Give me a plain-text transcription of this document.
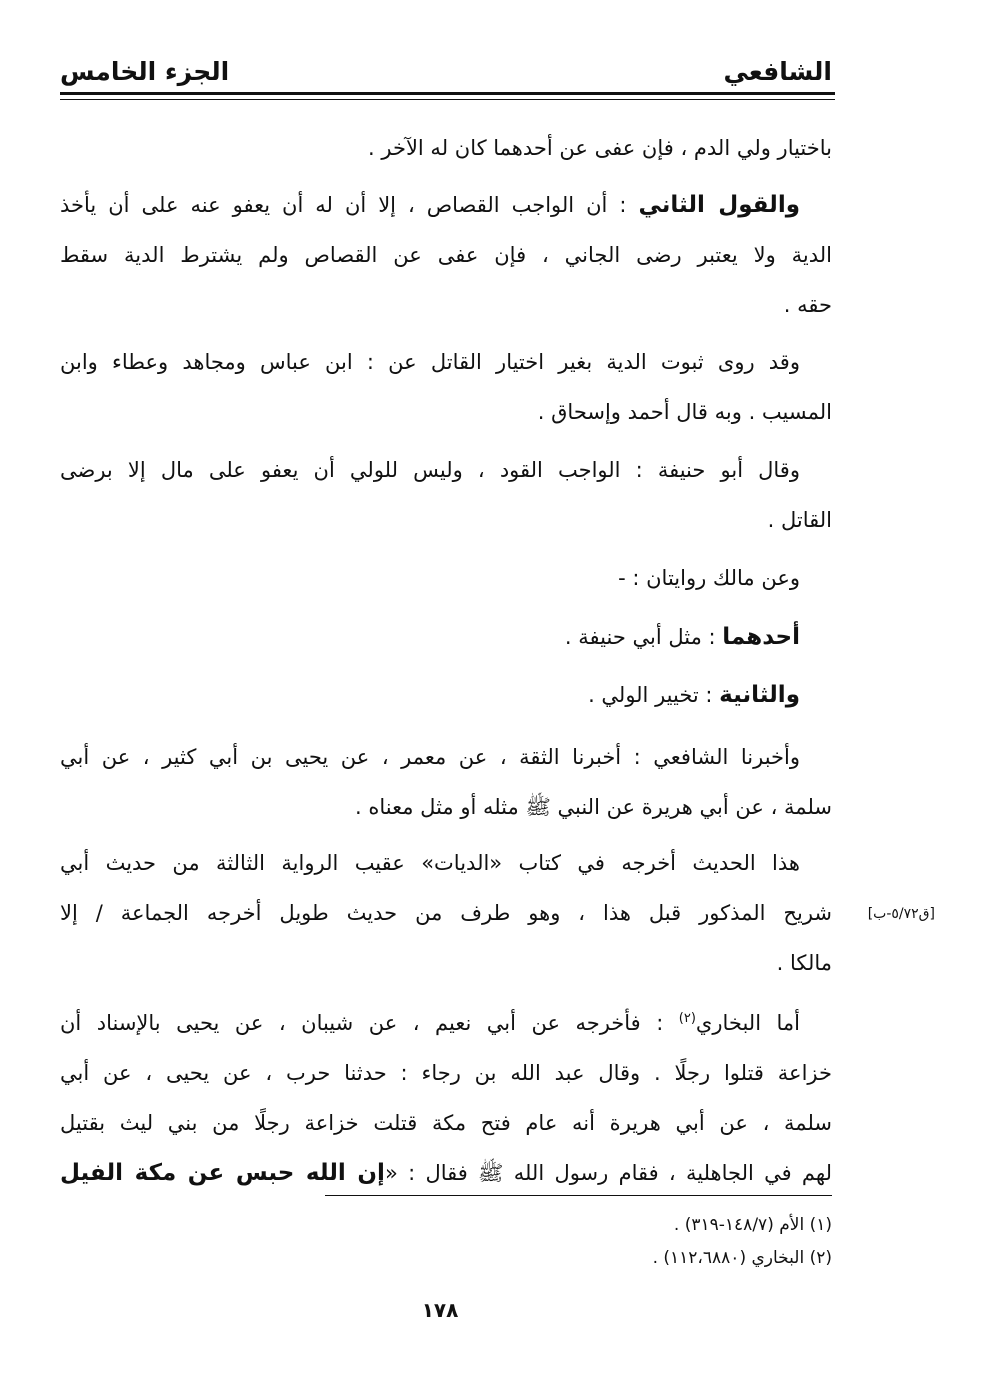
الشافعي
الجزء الخامس
باختيار ولي الدم ، فإن عفى عن أحدهما كان له الآخر .
والقول الثاني : أن الواجب القصاص ، إلا أن له أن يعفو عنه على أن يأخذ
الدية ولا يعتبر رضى الجاني ، فإن عفى عن القصاص ولم يشترط الدية سقط
حقه .
وقد روى ثبوت الدية بغير اختيار القاتل عن : ابن عباس ومجاهد وعطاء وابن
المسيب . وبه قال أحمد وإسحاق .
وقال أبو حنيفة : الواجب القود ، وليس للولي أن يعفو على مال إلا برضى
القاتل .
وعن مالك روايتان : -
أحدهما : مثل أبي حنيفة .
والثانية : تخيير الولي .
وأخبرنا الشافعي : أخبرنا الثقة ، عن معمر ، عن يحيى بن أبي كثير ، عن أبي
سلمة ، عن أبي هريرة عن النبي ﷺ مثله أو مثل معناه .
هذا الحديث أخرجه في كتاب «الديات» عقيب الرواية الثالثة من حديث أبي
شريح المذكور قبل هذا ، وهو طرف من حديث طويل أخرجه الجماعة / إلا
مالكا .
أما البخاري$^{(٢)}$ : فأخرجه عن أبي نعيم ، عن شيبان ، عن يحيى بالإسناد أن
خزاعة قتلوا رجلًا . وقال عبد الله بن رجاء : حدثنا حرب ، عن يحيى ، عن أبي
سلمة ، عن أبي هريرة أنه عام فتح مكة قتلت خزاعة رجلًا من بني ليث بقتيل
لهم في الجاهلية ، فقام رسول الله ﷺ فقال : «إن الله حبس عن مكة الفيل
[ق٥/٧٢-ب]
(١) الأم (١٤٨/٧-٣١٩) .
(٢) البخاري (١١٢،٦٨٨٠) .
١٧٨
